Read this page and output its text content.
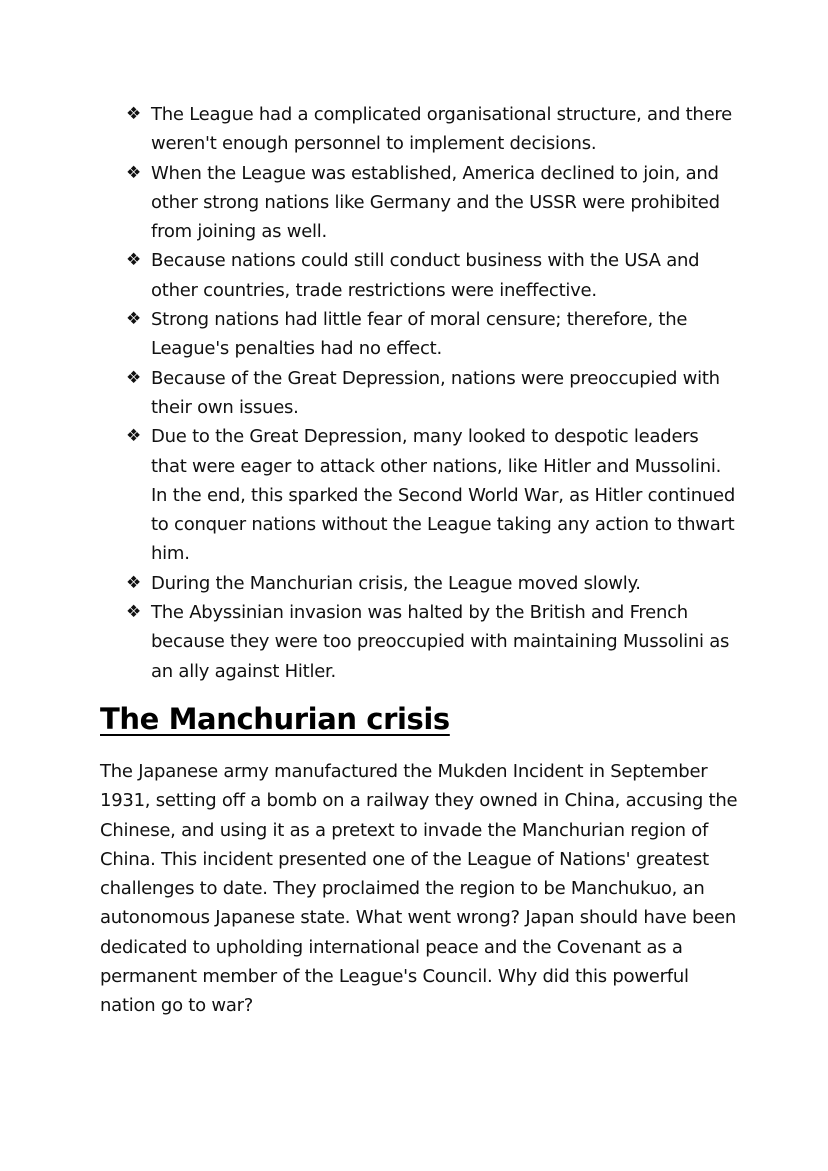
❖ The League had a complicated organisational structure, and there weren't enough personnel to implement decisions.
❖ When the League was established, America declined to join, and other strong nations like Germany and the USSR were prohibited from joining as well.
❖ Because nations could still conduct business with the USA and other countries, trade restrictions were ineffective.
❖ Strong nations had little fear of moral censure; therefore, the League's penalties had no effect.
❖ Because of the Great Depression, nations were preoccupied with their own issues.
❖ Due to the Great Depression, many looked to despotic leaders that were eager to attack other nations, like Hitler and Mussolini. In the end, this sparked the Second World War, as Hitler continued to conquer nations without the League taking any action to thwart him.
❖ During the Manchurian crisis, the League moved slowly.
❖ The Abyssinian invasion was halted by the British and French because they were too preoccupied with maintaining Mussolini as an ally against Hitler.
The Manchurian crisis

The Japanese army manufactured the Mukden Incident in September 1931, setting off a bomb on a railway they owned in China, accusing the Chinese, and using it as a pretext to invade the Manchurian region of China. This incident presented one of the League of Nations' greatest challenges to date. They proclaimed the region to be Manchukuo, an autonomous Japanese state. What went wrong? Japan should have been dedicated to upholding international peace and the Covenant as a permanent member of the League's Council. Why did this powerful nation go to war?
